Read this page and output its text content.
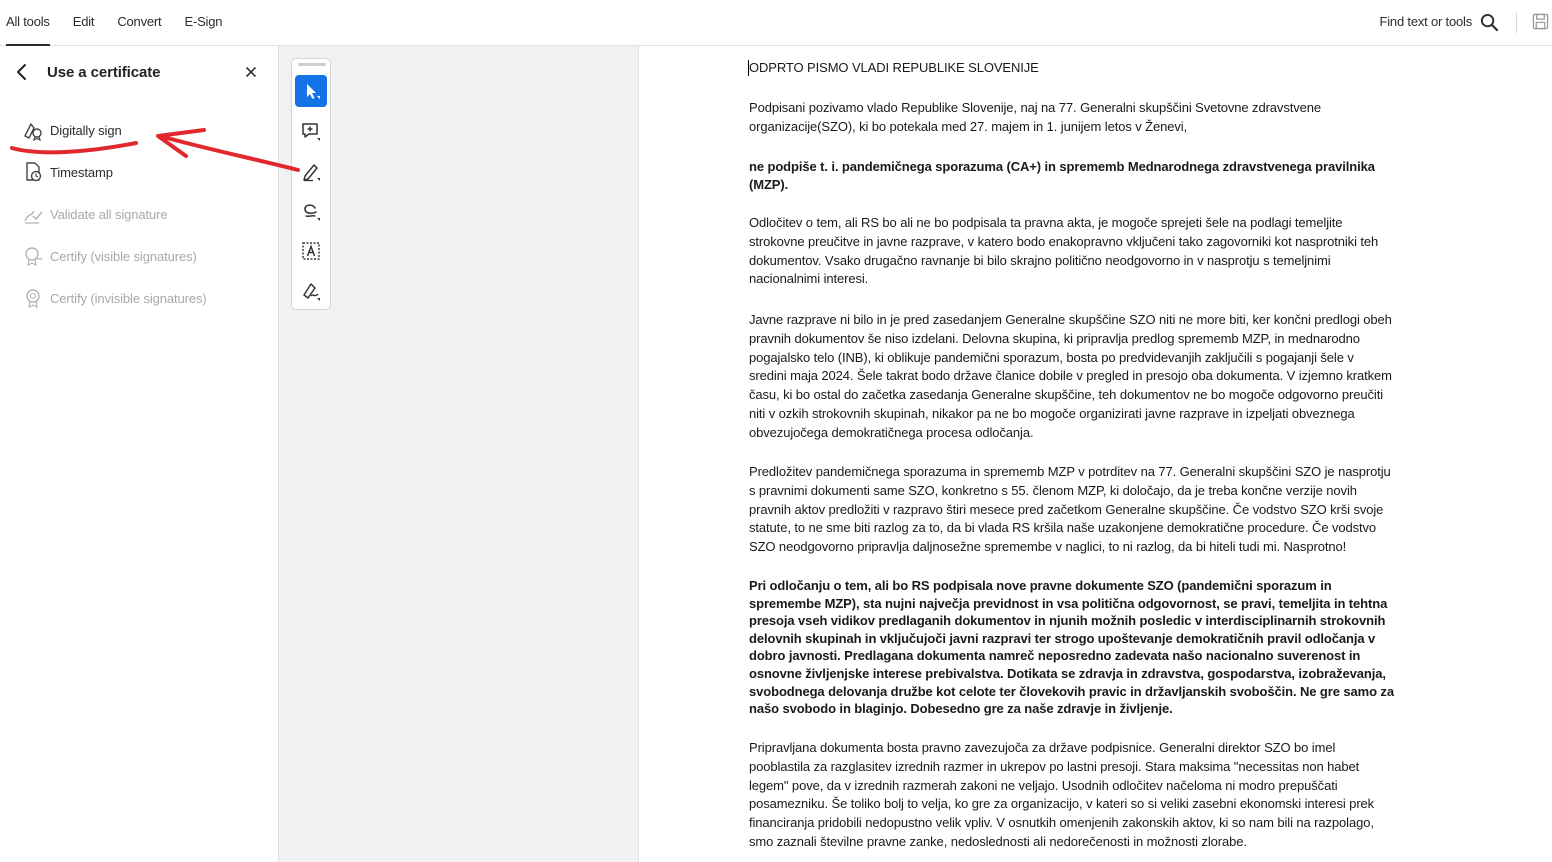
All tools	Edit	Convert	E-Sign	Find text or tools
Use a certificate
Digitally sign
Timestamp
Validate all signature
Certify (visible signatures)
Certify (invisible signatures)
ODPRTO PISMO VLADI REPUBLIKE SLOVENIJE
Podpisani pozivamo vlado Republike Slovenije, naj na 77. Generalni skupščini Svetovne zdravstvene
organizacije(SZO), ki bo potekala med 27. majem in 1. junijem letos v Ženevi,
ne podpiše t. i. pandemičnega sporazuma (CA+) in sprememb Mednarodnega zdravstvenega pravilnika
(MZP).
Odločitev o tem, ali RS bo ali ne bo podpisala ta pravna akta, je mogoče sprejeti šele na podlagi temeljite
strokovne preučitve in javne razprave, v katero bodo enakopravno vključeni tako zagovorniki kot nasprotniki teh
dokumentov. Vsako drugačno ravnanje bi bilo skrajno politično neodgovorno in v nasprotju s temeljnimi
nacionalnimi interesi.
Javne razprave ni bilo in je pred zasedanjem Generalne skupščine SZO niti ne more biti, ker končni predlogi obeh
pravnih dokumentov še niso izdelani. Delovna skupina, ki pripravlja predlog sprememb MZP, in mednarodno
pogajalsko telo (INB), ki oblikuje pandemični sporazum, bosta po predvidevanjih zaključili s pogajanji šele v
sredini maja 2024. Šele takrat bodo države članice dobile v pregled in presojo oba dokumenta. V izjemno kratkem
času, ki bo ostal do začetka zasedanja Generalne skupščine, teh dokumentov ne bo mogoče odgovorno preučiti
niti v ozkih strokovnih skupinah, nikakor pa ne bo mogoče organizirati javne razprave in izpeljati obveznega
obvezujočega demokratičnega procesa odločanja.
Predložitev pandemičnega sporazuma in sprememb MZP v potrditev na 77. Generalni skupščini SZO je nasprotju
s pravnimi dokumenti same SZO, konkretno s 55. členom MZP, ki določajo, da je treba končne verzije novih
pravnih aktov predložiti v razpravo štiri mesece pred začetkom Generalne skupščine. Če vodstvo SZO krši svoje
statute, to ne sme biti razlog za to, da bi vlada RS kršila naše uzakonjene demokratične procedure. Če vodstvo
SZO neodgovorno pripravlja daljnosežne spremembe v naglici, to ni razlog, da bi hiteli tudi mi. Nasprotno!
Pri odločanju o tem, ali bo RS podpisala nove pravne dokumente SZO (pandemični sporazum in
spremembe MZP), sta nujni največja previdnost in vsa politična odgovornost, se pravi, temeljita in tehtna
presoja vseh vidikov predlaganih dokumentov in njunih možnih posledic v interdisciplinarnih strokovnih
delovnih skupinah in vključujoči javni razpravi ter strogo upoštevanje demokratičnih pravil odločanja v
dobro javnosti. Predlagana dokumenta namreč neposredno zadevata našo nacionalno suverenost in
osnovne življenjske interese prebivalstva. Dotikata se zdravja in zdravstva, gospodarstva, izobraževanja,
svobodnega delovanja družbe kot celote ter človekovih pravic in državljanskih svoboščin. Ne gre samo za
našo svobodo in blaginjo. Dobesedno gre za naše zdravje in življenje.
Pripravljana dokumenta bosta pravno zavezujoča za države podpisnice. Generalni direktor SZO bo imel
pooblastila za razglasitev izrednih razmer in ukrepov po lastni presoji. Stara maksima "necessitas non habet
legem" pove, da v izrednih razmerah zakoni ne veljajo. Usodnih odločitev načeloma ni modro prepuščati
posamezniku. Še toliko bolj to velja, ko gre za organizacijo, v kateri so si veliki zasebni ekonomski interesi prek
financiranja pridobili nedopustno velik vpliv. V osnutkih omenjenih zakonskih aktov, ki so nam bili na razpolago,
smo zaznali številne pravne zanke, nedoslednosti ali nedorečenosti in možnosti zlorabe.
